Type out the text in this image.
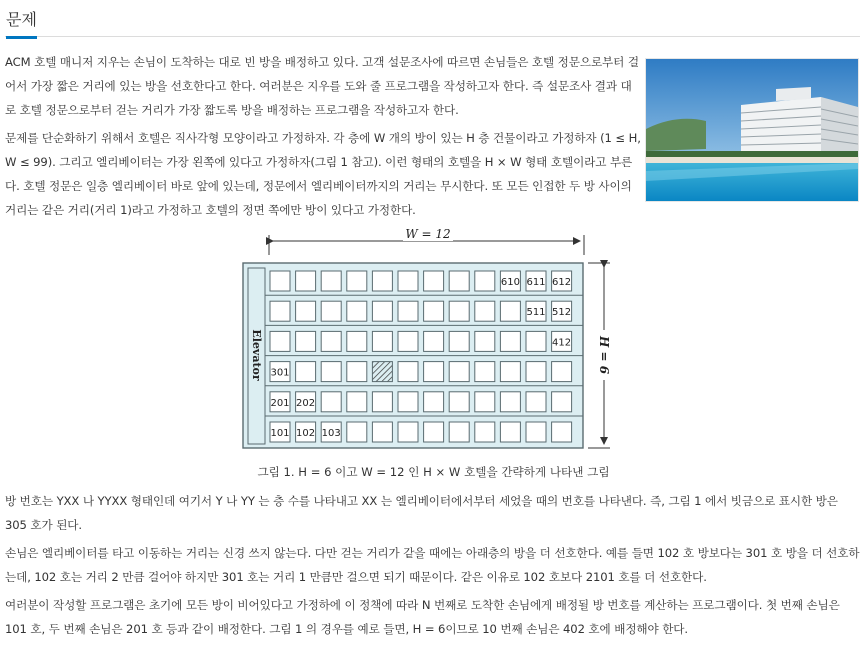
문제

ACM 호텔 매니저 지우는 손님이 도착하는 대로 빈 방을 배정하고 있다. 고객 설문조사에 따르면 손님들은 호텔 정문으로부터 걸어서 가장 짧은 거리에 있는 방을 선호한다고 한다. 여러분은 지우를 도와 줄 프로그램을 작성하고자 한다. 즉 설문조사 결과 대로 호텔 정문으로부터 걷는 거리가 가장 짧도록 방을 배정하는 프로그램을 작성하고자 한다.

문제를 단순화하기 위해서 호텔은 직사각형 모양이라고 가정하자. 각 층에 W 개의 방이 있는 H 층 건물이라고 가정하자 (1 ≤ H, W ≤ 99). 그리고 엘리베이터는 가장 왼쪽에 있다고 가정하자(그림 1 참고). 이런 형태의 호텔을 H × W 형태 호텔이라고 부른다. 호텔 정문은 일층 엘리베이터 바로 앞에 있는데, 정문에서 엘리베이터까지의 거리는 무시한다. 또 모든 인접한 두 방 사이의 거리는 같은 거리(거리 1)라고 가정하고 호텔의 정면 쪽에만 방이 있다고 가정한다.

W = 12
H = 6
Elevator
610 611 612
511 512
412
301
201 202
101 102 103
그림 1. H = 6 이고 W = 12 인 H × W 호텔을 간략하게 나타낸 그림

방 번호는 YXX 나 YYXX 형태인데 여기서 Y 나 YY 는 층 수를 나타내고 XX 는 엘리베이터에서부터 세었을 때의 번호를 나타낸다. 즉, 그림 1 에서 빗금으로 표시한 방은 305 호가 된다.

손님은 엘리베이터를 타고 이동하는 거리는 신경 쓰지 않는다. 다만 걷는 거리가 같을 때에는 아래층의 방을 더 선호한다. 예를 들면 102 호 방보다는 301 호 방을 더 선호하는데, 102 호는 거리 2 만큼 걸어야 하지만 301 호는 거리 1 만큼만 걸으면 되기 때문이다. 같은 이유로 102 호보다 2101 호를 더 선호한다.

여러분이 작성할 프로그램은 초기에 모든 방이 비어있다고 가정하에 이 정책에 따라 N 번째로 도착한 손님에게 배정될 방 번호를 계산하는 프로그램이다. 첫 번째 손님은 101 호, 두 번째 손님은 201 호 등과 같이 배정한다. 그림 1 의 경우를 예로 들면, H = 6이므로 10 번째 손님은 402 호에 배정해야 한다.
